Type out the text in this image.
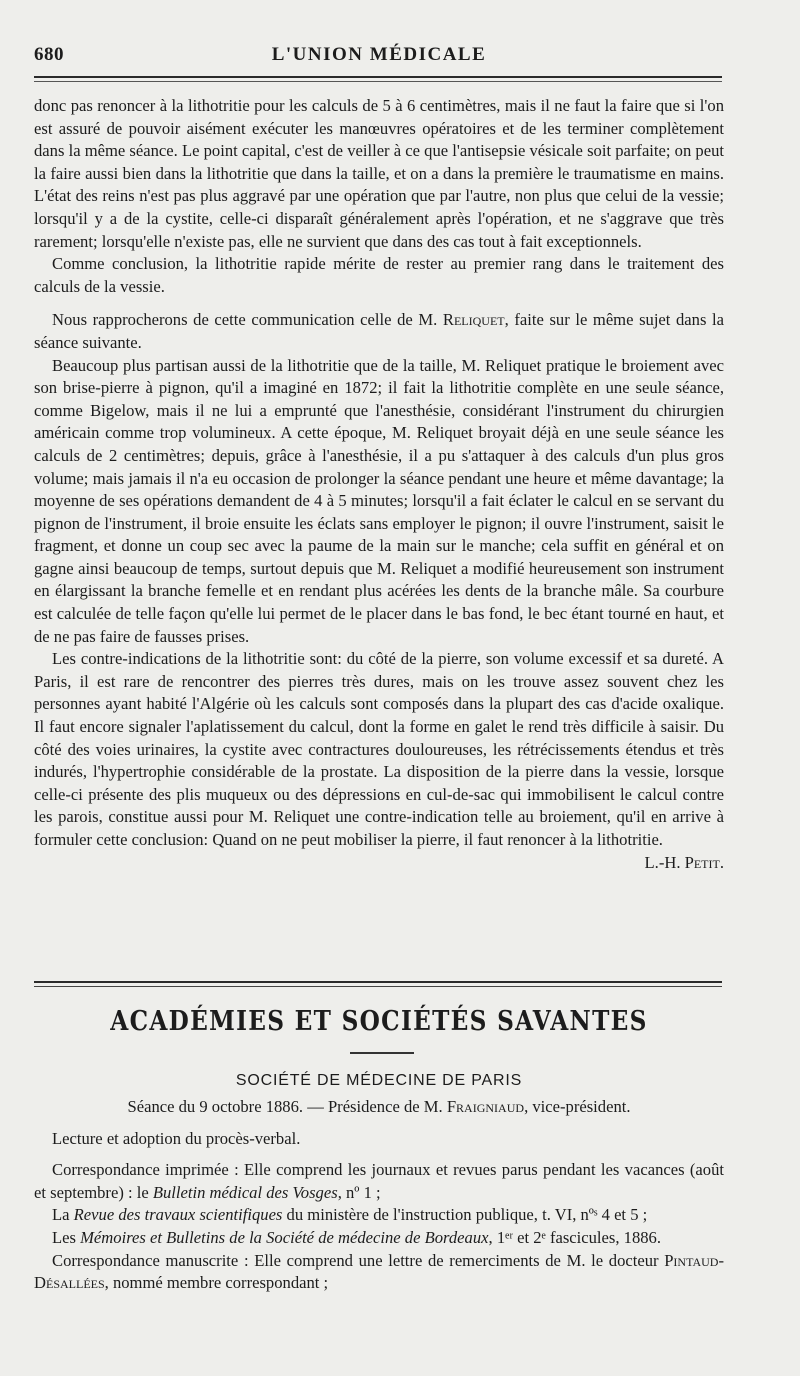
680	L'UNION MÉDICALE

donc pas renoncer à la lithotritie pour les calculs de 5 à 6 centimètres, mais il ne faut la faire que si l'on est assuré de pouvoir aisément exécuter les manœuvres opératoires et de les terminer complètement dans la même séance. Le point capital, c'est de veiller à ce que l'antisepsie vésicale soit parfaite; on peut la faire aussi bien dans la lithotritie que dans la taille, et on a dans la première le traumatisme en mains. L'état des reins n'est pas plus aggravé par une opération que par l'autre, non plus que celui de la vessie; lorsqu'il y a de la cystite, celle-ci disparaît généralement après l'opération, et ne s'aggrave que très rarement; lorsqu'elle n'existe pas, elle ne survient que dans des cas tout à fait exceptionnels.

Comme conclusion, la lithotritie rapide mérite de rester au premier rang dans le traitement des calculs de la vessie.

Nous rapprocherons de cette communication celle de M. Reliquet, faite sur le même sujet dans la séance suivante.

Beaucoup plus partisan aussi de la lithotritie que de la taille, M. Reliquet pratique le broiement avec son brise-pierre à pignon, qu'il a imaginé en 1872; il fait la lithotritie complète en une seule séance, comme Bigelow, mais il ne lui a emprunté que l'anesthésie, considérant l'instrument du chirurgien américain comme trop volumineux. A cette époque, M. Reliquet broyait déjà en une seule séance les calculs de 2 centimètres; depuis, grâce à l'anesthésie, il a pu s'attaquer à des calculs d'un plus gros volume; mais jamais il n'a eu occasion de prolonger la séance pendant une heure et même davantage; la moyenne de ses opérations demandent de 4 à 5 minutes; lorsqu'il a fait éclater le calcul en se servant du pignon de l'instrument, il broie ensuite les éclats sans employer le pignon; il ouvre l'instrument, saisit le fragment, et donne un coup sec avec la paume de la main sur le manche; cela suffit en général et on gagne ainsi beaucoup de temps, surtout depuis que M. Reliquet a modifié heureusement son instrument en élargissant la branche femelle et en rendant plus acérées les dents de la branche mâle. Sa courbure est calculée de telle façon qu'elle lui permet de le placer dans le bas fond, le bec étant tourné en haut, et de ne pas faire de fausses prises.

Les contre-indications de la lithotritie sont: du côté de la pierre, son volume excessif et sa dureté. A Paris, il est rare de rencontrer des pierres très dures, mais on les trouve assez souvent chez les personnes ayant habité l'Algérie où les calculs sont composés dans la plupart des cas d'acide oxalique. Il faut encore signaler l'aplatissement du calcul, dont la forme en galet le rend très difficile à saisir. Du côté des voies urinaires, la cystite avec contractures douloureuses, les rétrécissements étendus et très indurés, l'hypertrophie considérable de la prostate. La disposition de la pierre dans la vessie, lorsque celle-ci présente des plis muqueux ou des dépressions en cul-de-sac qui immobilisent le calcul contre les parois, constitue aussi pour M. Reliquet une contre-indication telle au broiement, qu'il en arrive à formuler cette conclusion: Quand on ne peut mobiliser la pierre, il faut renoncer à la lithotritie.
L.-H. Petit.

ACADÉMIES ET SOCIÉTÉS SAVANTES
SOCIÉTÉ DE MÉDECINE DE PARIS

Séance du 9 octobre 1886. — Présidence de M. Fraigniaud, vice-président.

Lecture et adoption du procès-verbal.

Correspondance imprimée : Elle comprend les journaux et revues parus pendant les vacances (août et septembre) : le Bulletin médical des Vosges, nº 1 ;

La Revue des travaux scientifiques du ministère de l'instruction publique, t. VI, nºˢ 4 et 5 ;

Les Mémoires et Bulletins de la Société de médecine de Bordeaux, 1ᵉʳ et 2ᵉ fascicules, 1886.

Correspondance manuscrite : Elle comprend une lettre de remerciments de M. le docteur Pintaud-Désallées, nommé membre correspondant ;
